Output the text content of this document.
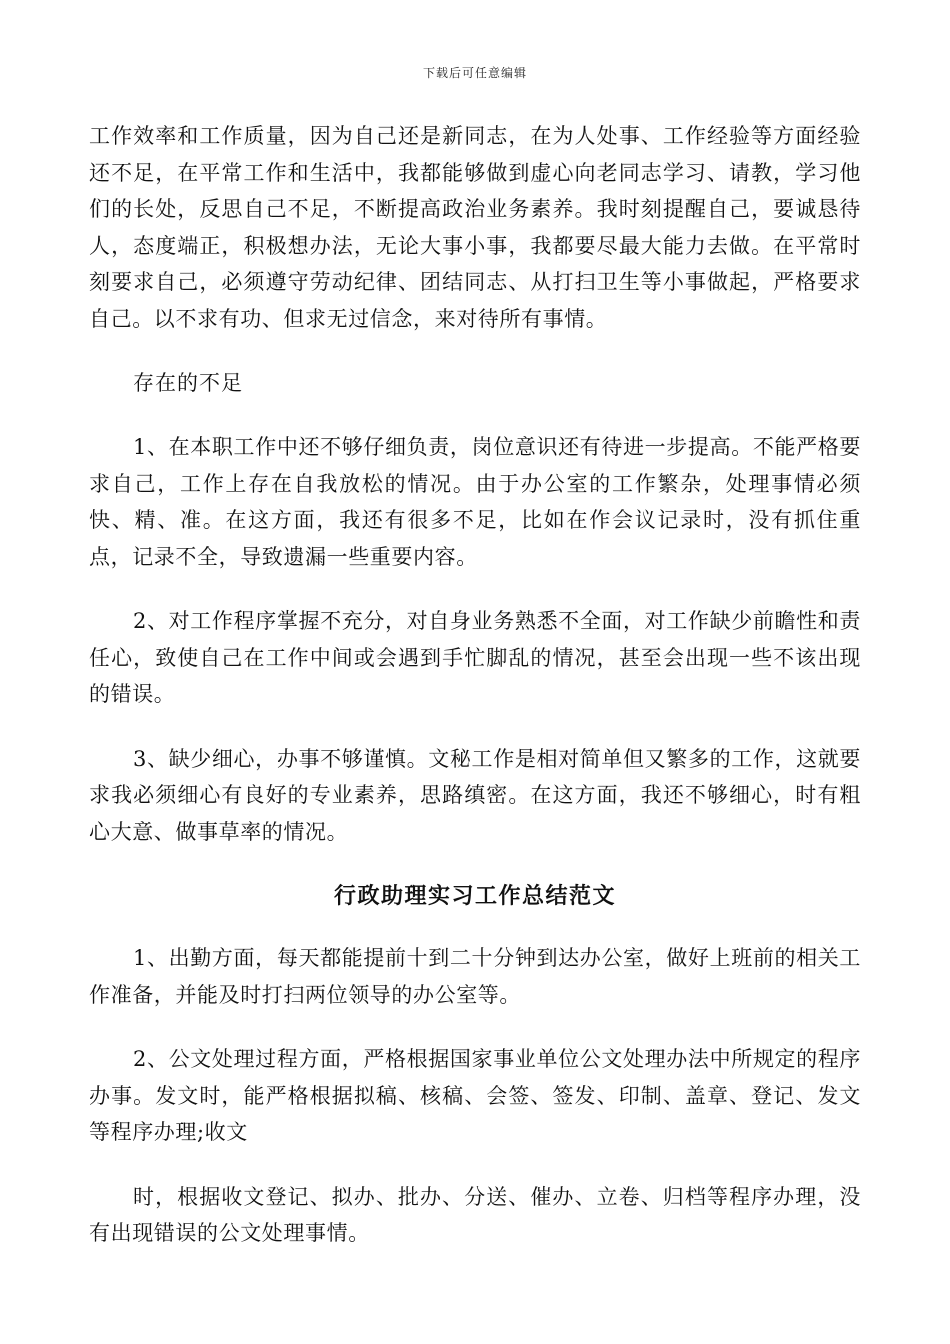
下载后可任意编辑

工作效率和工作质量，因为自己还是新同志，在为人处事、工作经验等方面经验还不足，在平常工作和生活中，我都能够做到虚心向老同志学习、请教，学习他们的长处，反思自己不足，不断提高政治业务素养。我时刻提醒自己，要诚恳待人，态度端正，积极想办法，无论大事小事，我都要尽最大能力去做。在平常时刻要求自己，必须遵守劳动纪律、团结同志、从打扫卫生等小事做起，严格要求自己。以不求有功、但求无过信念，来对待所有事情。

存在的不足

1、在本职工作中还不够仔细负责，岗位意识还有待进一步提高。不能严格要求自己，工作上存在自我放松的情况。由于办公室的工作繁杂，处理事情必须快、精、准。在这方面，我还有很多不足，比如在作会议记录时，没有抓住重点，记录不全，导致遗漏一些重要内容。

2、对工作程序掌握不充分，对自身业务熟悉不全面，对工作缺少前瞻性和责任心，致使自己在工作中间或会遇到手忙脚乱的情况，甚至会出现一些不该出现的错误。

3、缺少细心，办事不够谨慎。文秘工作是相对简单但又繁多的工作，这就要求我必须细心有良好的专业素养，思路缜密。在这方面，我还不够细心，时有粗心大意、做事草率的情况。

行政助理实习工作总结范文

1、出勤方面，每天都能提前十到二十分钟到达办公室，做好上班前的相关工作准备，并能及时打扫两位领导的办公室等。

2、公文处理过程方面，严格根据国家事业单位公文处理办法中所规定的程序办事。发文时，能严格根据拟稿、核稿、会签、签发、印制、盖章、登记、发文等程序办理;收文

时，根据收文登记、拟办、批办、分送、催办、立卷、归档等程序办理，没有出现错误的公文处理事情。
